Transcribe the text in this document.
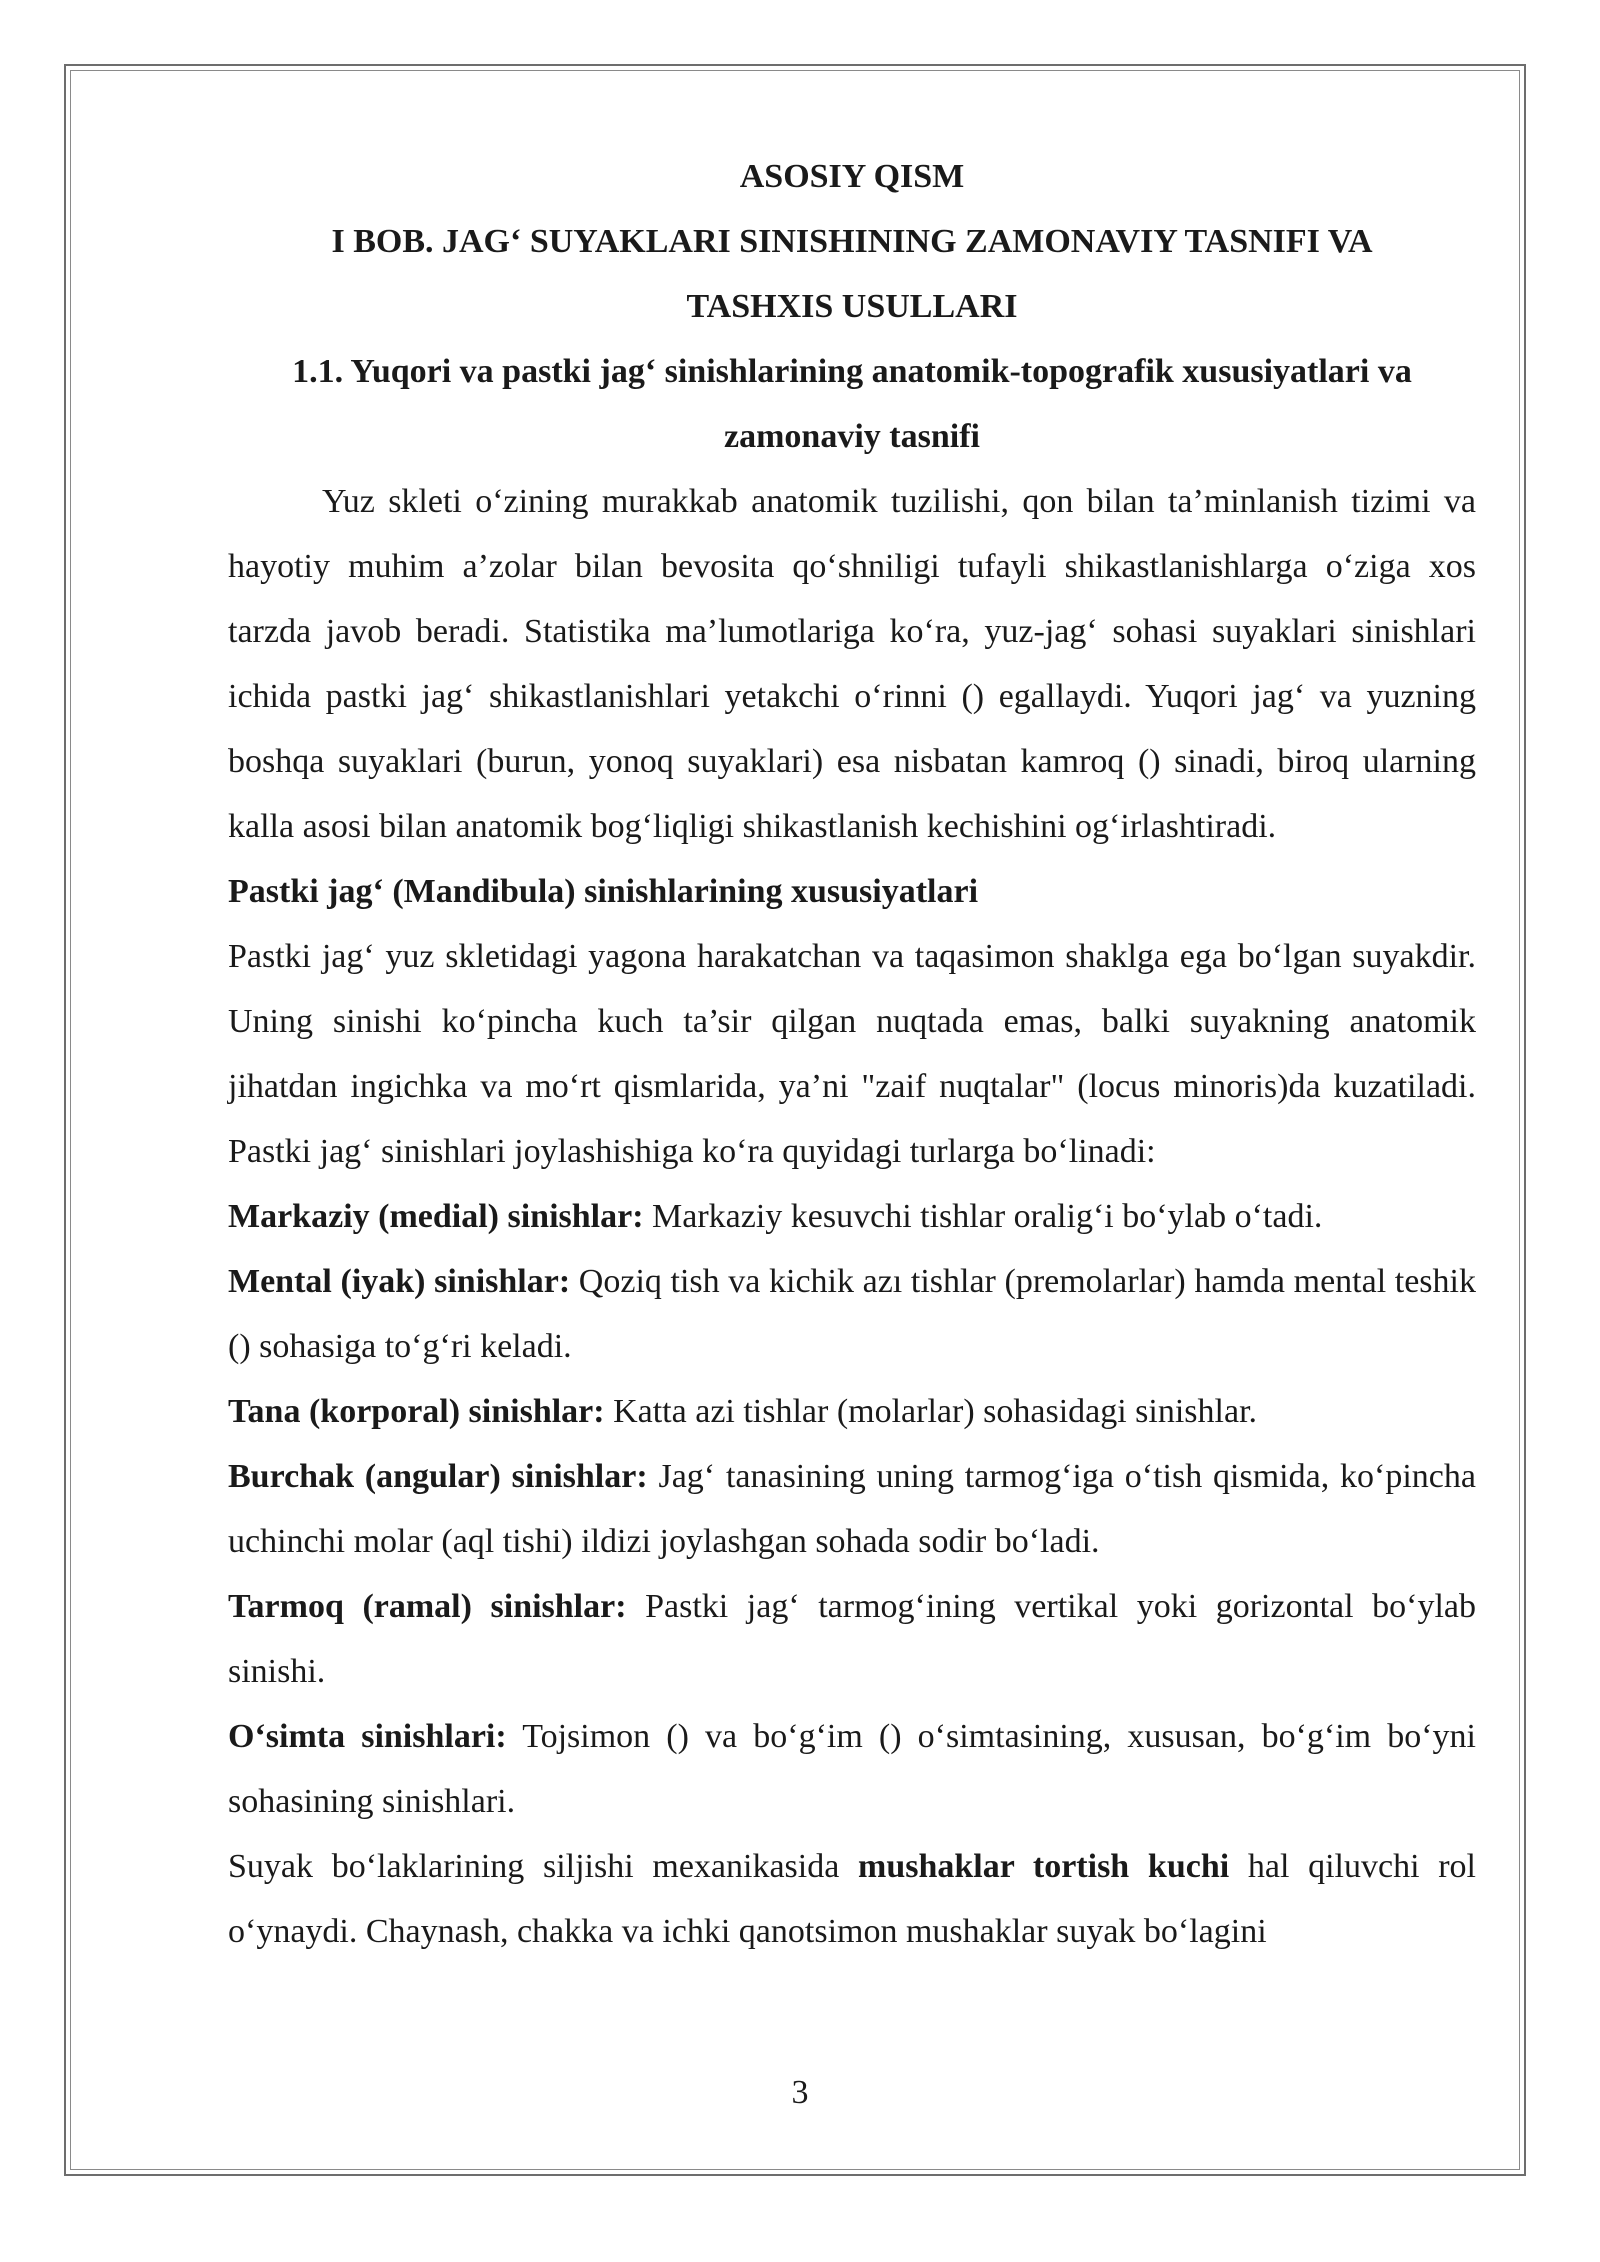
ASOSIY QISM

I BOB. JAG‘ SUYAKLARI SINISHINING ZAMONAVIY TASNIFI VA

TASHXIS USULLARI

1.1. Yuqori va pastki jag‘ sinishlarining anatomik-topografik xususiyatlari va

zamonaviy tasnifi

Yuz skleti o‘zining murakkab anatomik tuzilishi, qon bilan ta’minlanish tizimi va hayotiy muhim a’zolar bilan bevosita qo‘shniligi tufayli shikastlanishlarga o‘ziga xos tarzda javob beradi. Statistika ma’lumotlariga ko‘ra, yuz-jag‘ sohasi suyaklari sinishlari ichida pastki jag‘ shikastlanishlari yetakchi o‘rinni () egallaydi. Yuqori jag‘ va yuzning boshqa suyaklari (burun, yonoq suyaklari) esa nisbatan kamroq () sinadi, biroq ularning kalla asosi bilan anatomik bog‘liqligi shikastlanish kechishini og‘irlashtiradi.

Pastki jag‘ (Mandibula) sinishlarining xususiyatlari

Pastki jag‘ yuz skletidagi yagona harakatchan va taqasimon shaklga ega bo‘lgan suyakdir. Uning sinishi ko‘pincha kuch ta’sir qilgan nuqtada emas, balki suyakning anatomik jihatdan ingichka va mo‘rt qismlarida, ya’ni "zaif nuqtalar" (locus minoris)da kuzatiladi. Pastki jag‘ sinishlari joylashishiga ko‘ra quyidagi turlarga bo‘linadi:

Markaziy (medial) sinishlar: Markaziy kesuvchi tishlar oralig‘i bo‘ylab o‘tadi.

Mental (iyak) sinishlar: Qoziq tish va kichik azı tishlar (premolarlar) hamda mental teshik () sohasiga to‘g‘ri keladi.

Tana (korporal) sinishlar: Katta azi tishlar (molarlar) sohasidagi sinishlar.

Burchak (angular) sinishlar: Jag‘ tanasining uning tarmog‘iga o‘tish qismida, ko‘pincha uchinchi molar (aql tishi) ildizi joylashgan sohada sodir bo‘ladi.

Tarmoq (ramal) sinishlar: Pastki jag‘ tarmog‘ining vertikal yoki gorizontal bo‘ylab sinishi.

O‘simta sinishlari: Tojsimon () va bo‘g‘im () o‘simtasining, xususan, bo‘g‘im bo‘yni sohasining sinishlari.

Suyak bo‘laklarining siljishi mexanikasida mushaklar tortish kuchi hal qiluvchi rol o‘ynaydi. Chaynash, chakka va ichki qanotsimon mushaklar suyak bo‘lagini

3
